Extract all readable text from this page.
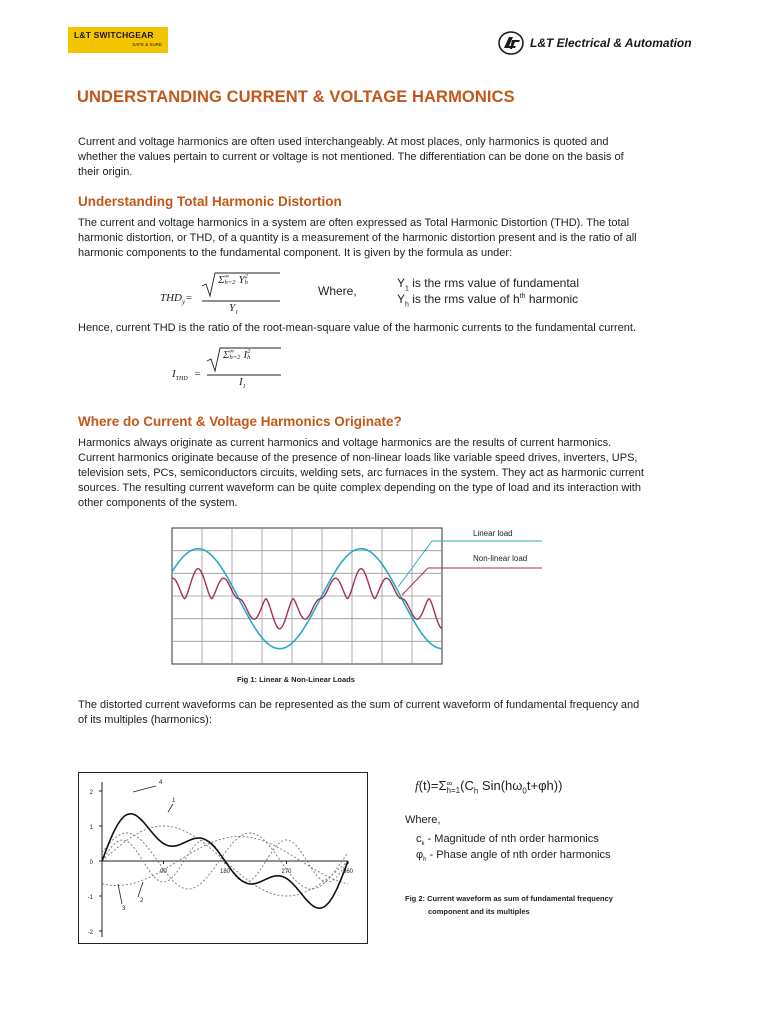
L&T SWITCHGEAR
SAFE & SURE	L&T Electrical & Automation
UNDERSTANDING CURRENT & VOLTAGE HARMONICS
Current and voltage harmonics are often used interchangeably. At most places, only harmonics is quoted and
whether the values pertain to current or voltage is not mentioned. The differentiation can be done on the basis of
their origin.
Understanding Total Harmonic Distortion
The current and voltage harmonics in a system are often expressed as Total Harmonic Distortion (THD). The total
harmonic distortion, or THD, of a quantity is a measurement of the harmonic distortion present and is the ratio of all
harmonic components to the fundamental component. It is given by the formula as under:
$THD_y=$
Σ ∞
h=2 Y 2
h
$Y_1$
Where,
$Y_1$ is the rms value of fundamental
$Y_h$ is the rms value of $h^{th}$ harmonic
Hence, current THD is the ratio of the root-mean-square value of the harmonic currents to the fundamental current.
$I_{THD}$ =
Σ ∞
h=2 I 2
h
$I_1$
Where do Current & Voltage Harmonics Originate?
Harmonics always originate as current harmonics and voltage harmonics are the results of current harmonics.
Current harmonics originate because of the presence of non-linear loads like variable speed drives, inverters, UPS,
television sets, PCs, semiconductors circuits, welding sets, arc furnaces in the system. They act as harmonic current
sources. The resulting current waveform can be quite complex depending on the type of load and its interaction with
other components of the system.
Linear load
Non-linear load
Fig 1: Linear & Non-Linear Loads
The distorted current waveforms can be represented as the sum of current waveform of fundamental frequency and
of its multiples (harmonics):
2
1
0
-1
-2
90	180	270	360
4
1
2
3
f(t)=Σ ∞
h=1 ($C_h$ $Sin(h\omega_0t+\varphi h)$)
Where,
$c_k$ - Magnitude of nth order harmonics
$\varphi_h$ - Phase angle of nth order harmonics
Fig 2: Current waveform as sum of fundamental frequency
component and its multiples
